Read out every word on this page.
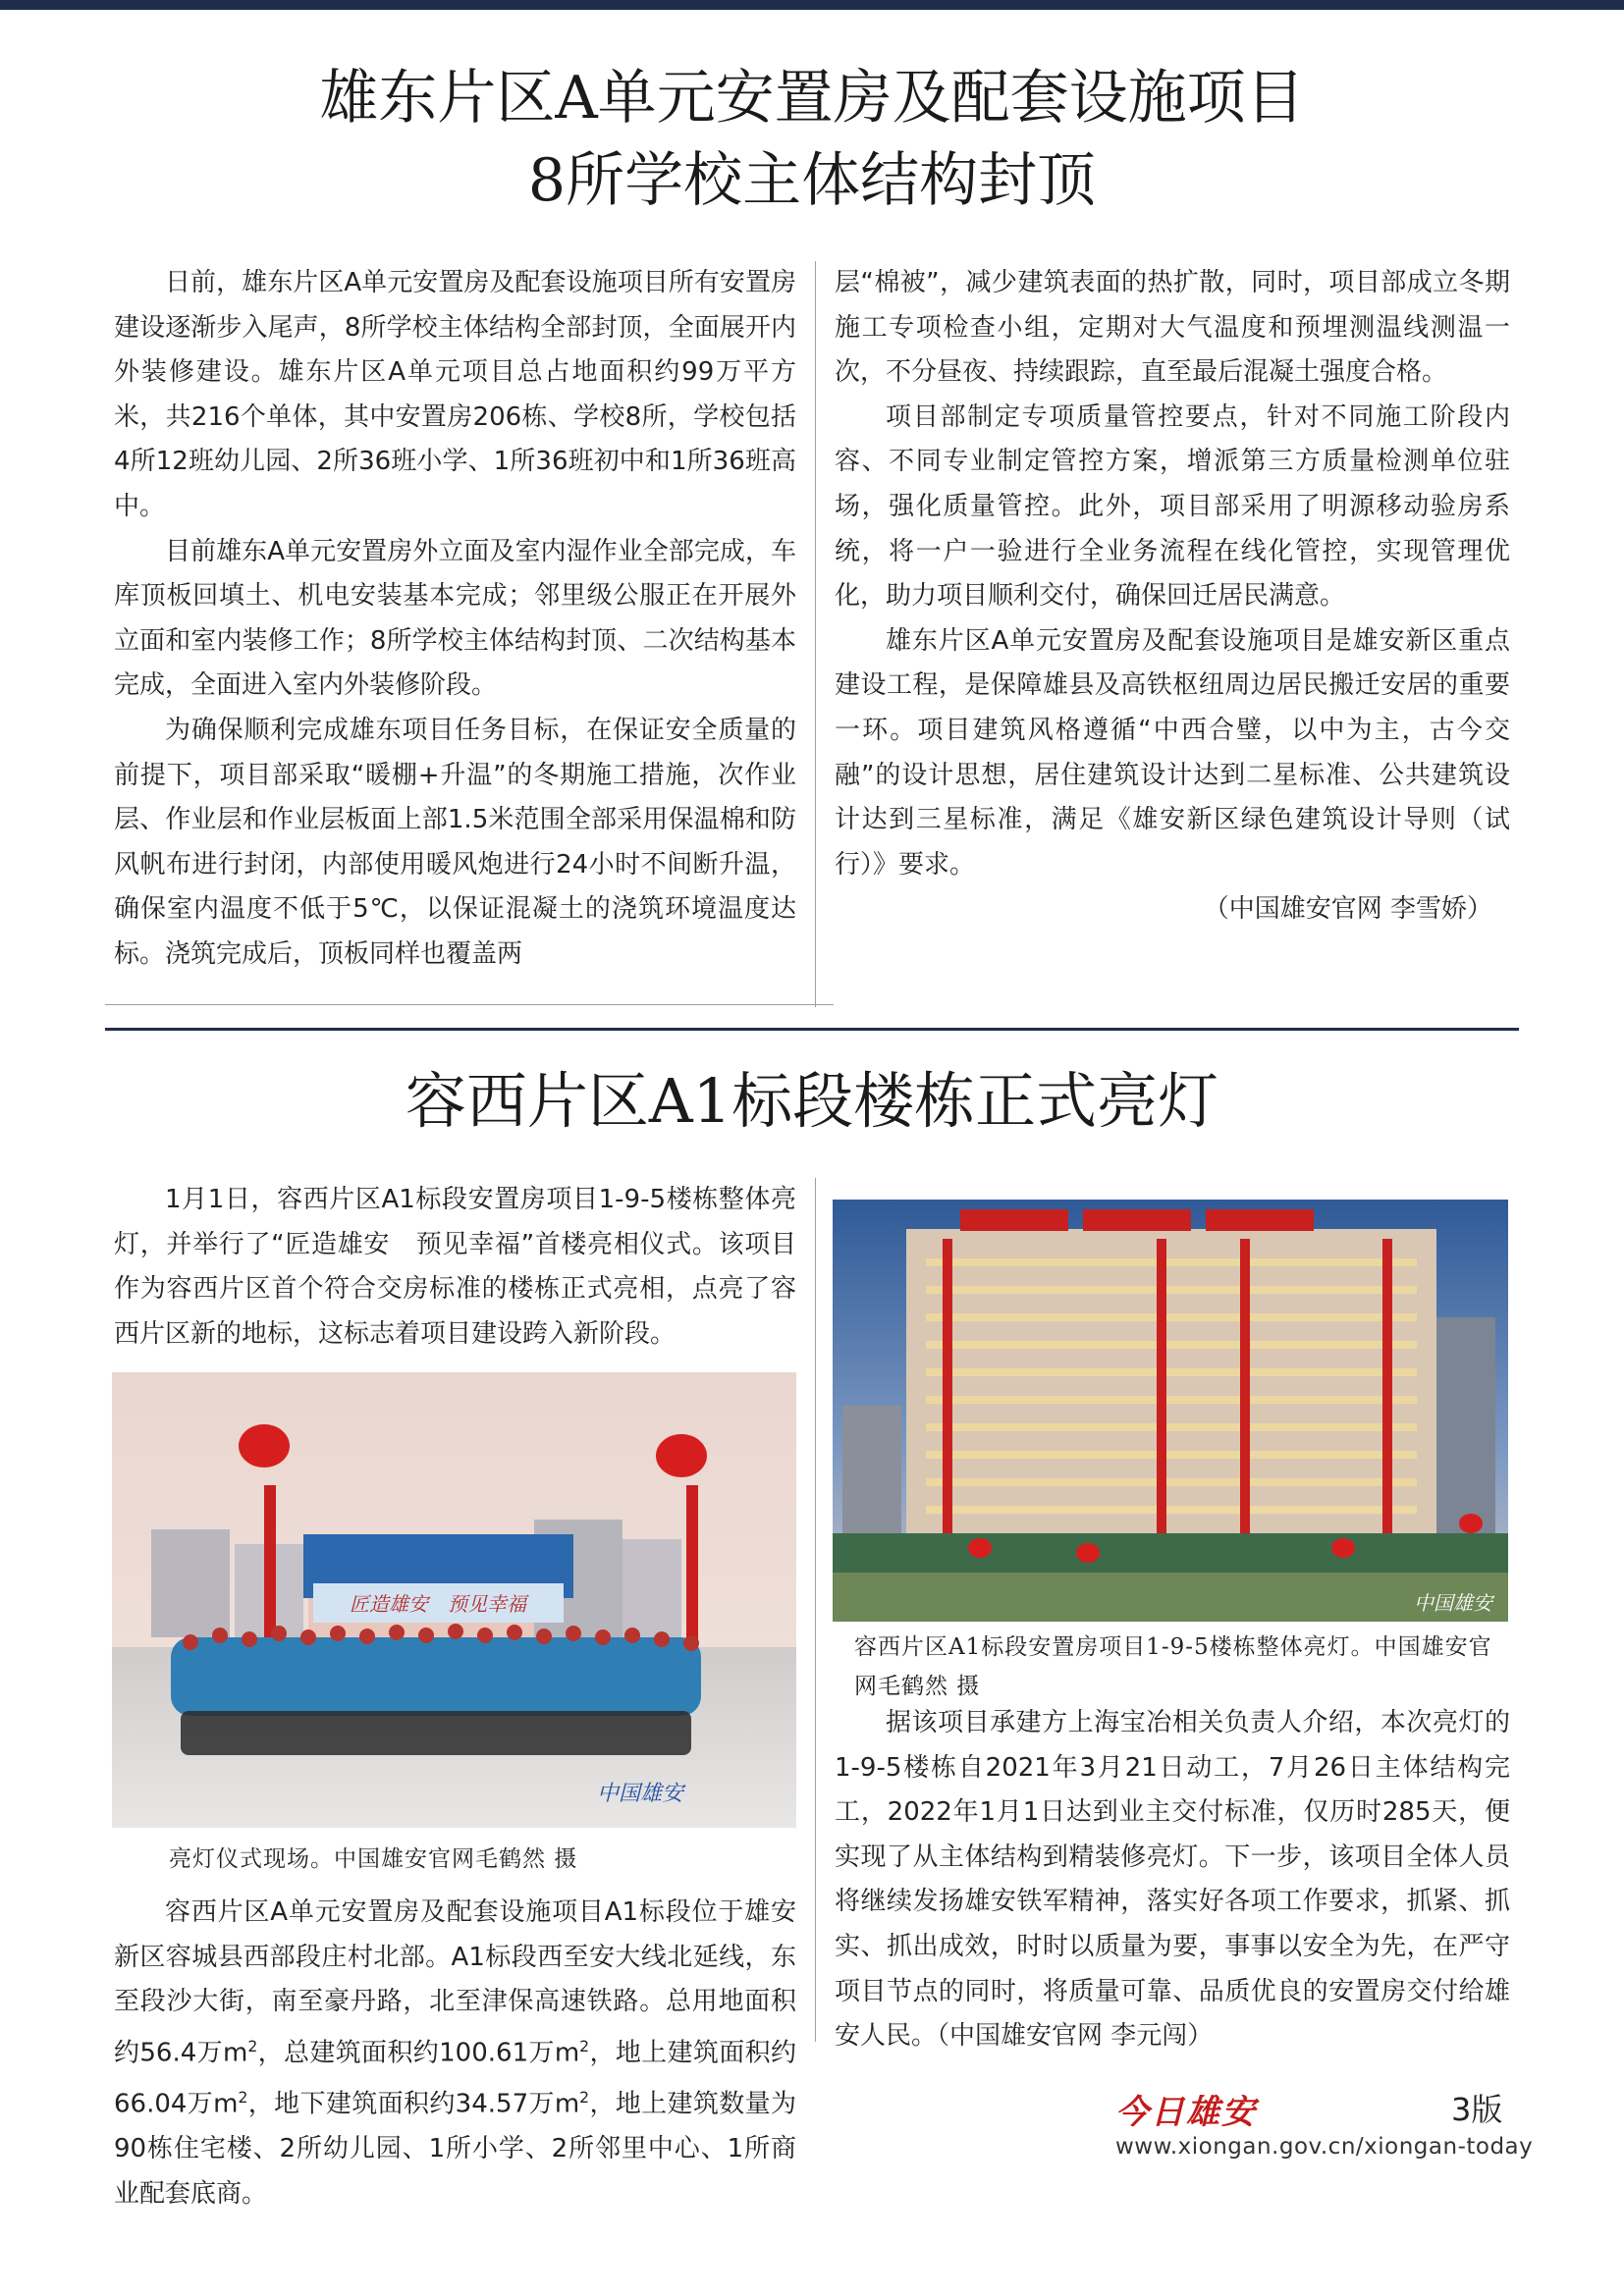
雄东片区A单元安置房及配套设施项目
8所学校主体结构封顶

日前，雄东片区A单元安置房及配套设施项目所有安置房建设逐渐步入尾声，8所学校主体结构全部封顶，全面展开内外装修建设。雄东片区A单元项目总占地面积约99万平方米，共216个单体，其中安置房206栋、学校8所，学校包括4所12班幼儿园、2所36班小学、1所36班初中和1所36班高中。

目前雄东A单元安置房外立面及室内湿作业全部完成，车库顶板回填土、机电安装基本完成；邻里级公服正在开展外立面和室内装修工作；8所学校主体结构封顶、二次结构基本完成，全面进入室内外装修阶段。

为确保顺利完成雄东项目任务目标，在保证安全质量的前提下，项目部采取“暖棚+升温”的冬期施工措施，次作业层、作业层和作业层板面上部1.5米范围全部采用保温棉和防风帆布进行封闭，内部使用暖风炮进行24小时不间断升温，确保室内温度不低于5℃，以保证混凝土的浇筑环境温度达标。浇筑完成后，顶板同样也覆盖两

层“棉被”，减少建筑表面的热扩散，同时，项目部成立冬期施工专项检查小组，定期对大气温度和预埋测温线测温一次，不分昼夜、持续跟踪，直至最后混凝土强度合格。

项目部制定专项质量管控要点，针对不同施工阶段内容、不同专业制定管控方案，增派第三方质量检测单位驻场，强化质量管控。此外，项目部采用了明源移动验房系统，将一户一验进行全业务流程在线化管控，实现管理优化，助力项目顺利交付，确保回迁居民满意。

雄东片区A单元安置房及配套设施项目是雄安新区重点建设工程，是保障雄县及高铁枢纽周边居民搬迁安居的重要一环。项目建筑风格遵循“中西合璧，以中为主，古今交融”的设计思想，居住建筑设计达到二星标准、公共建筑设计达到三星标准，满足《雄安新区绿色建筑设计导则（试行）》要求。

（中国雄安官网 李雪娇）

容西片区A1标段楼栋正式亮灯

1月1日，容西片区A1标段安置房项目1-9-5楼栋整体亮灯，并举行了“匠造雄安　预见幸福”首楼亮相仪式。该项目作为容西片区首个符合交房标准的楼栋正式亮相，点亮了容西片区新的地标，这标志着项目建设跨入新阶段。

匠造雄安　预见幸福
中国雄安
亮灯仪式现场。中国雄安官网毛鹤然 摄

容西片区A单元安置房及配套设施项目A1标段位于雄安新区容城县西部段庄村北部。A1标段西至安大线北延线，东至段沙大街，南至豪丹路，北至津保高速铁路。总用地面积约56.4万$m^2$，总建筑面积约100.61万$m^2$，地上建筑面积约66.04万$m^2$，地下建筑面积约34.57万$m^2$，地上建筑数量为90栋住宅楼、2所幼儿园、1所小学、2所邻里中心、1所商业配套底商。

中国雄安
容西片区A1标段安置房项目1-9-5楼栋整体亮灯。中国雄安官网毛鹤然 摄

据该项目承建方上海宝冶相关负责人介绍，本次亮灯的1-9-5楼栋自2021年3月21日动工，7月26日主体结构完工，2022年1月1日达到业主交付标准，仅历时285天，便实现了从主体结构到精装修亮灯。下一步，该项目全体人员将继续发扬雄安铁军精神，落实好各项工作要求，抓紧、抓实、抓出成效，时时以质量为要，事事以安全为先，在严守项目节点的同时，将质量可靠、品质优良的安置房交付给雄安人民。（中国雄安官网 李元闯）

今日雄安	3版
www.xiongan.gov.cn/xiongan-today
